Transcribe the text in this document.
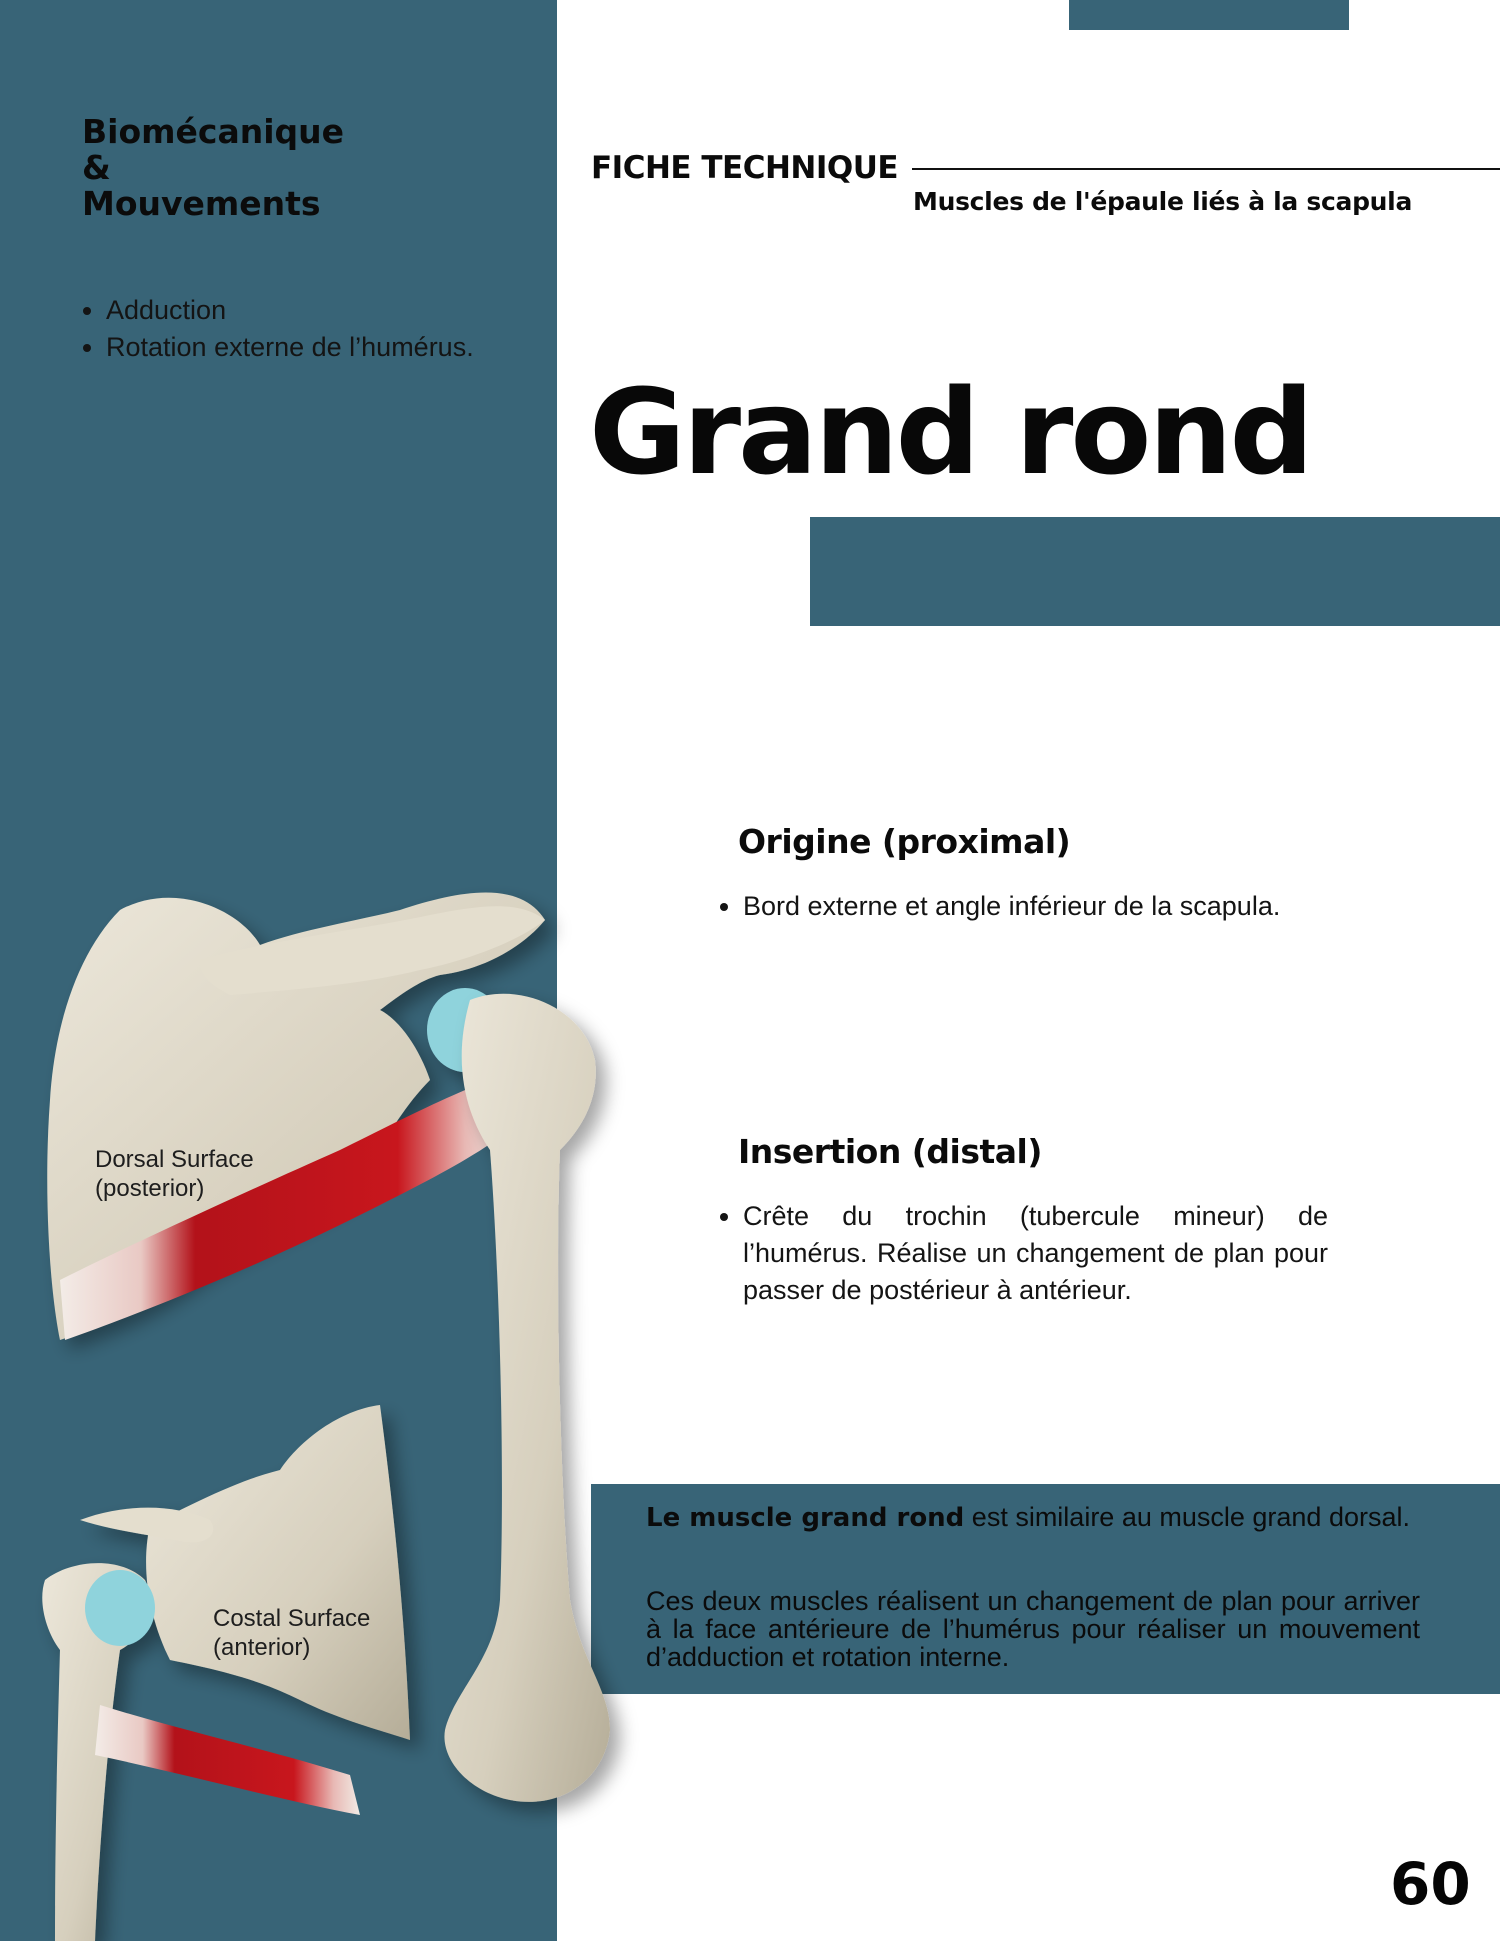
Biomécanique
&
Mouvements
• Adduction
• Rotation externe de l’humérus.
FICHE TECHNIQUE

Muscles de l'épaule liés à la scapula

Grand rond
Origine (proximal)
• Bord externe et angle inférieur de la scapula.
Insertion (distal)
• Crête du trochin (tubercule mineur) de l’humérus. Réalise un changement de plan pour passer de postérieur à antérieur.

Le muscle grand rond est similaire au muscle grand dorsal.

Ces deux muscles réalisent un changement de plan pour arriver à la face antérieure de l’humérus pour réaliser un mouvement d’adduction et rotation interne.

Dorsal Surface
(posterior)
Costal Surface
(anterior)
60
